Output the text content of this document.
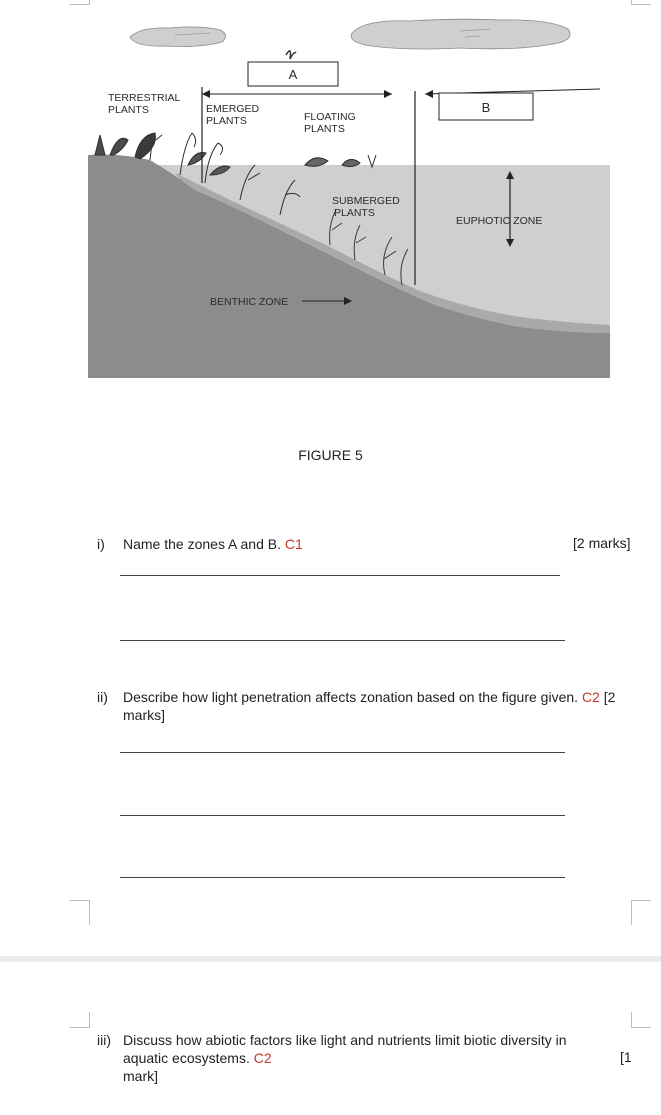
A
B
TERRESTRIAL
PLANTS	EMERGED
PLANTS	FLOATING
PLANTS
SUBMERGED
PLANTS
EUPHOTIC ZONE
BENTHIC ZONE
FIGURE 5
i) Name the zones A and B. C1	[2 marks]
ii) Describe how light penetration affects zonation based on the figure given. C2 [2
marks]
iii) Discuss how abiotic factors like light and nutrients limit biotic diversity in
aquatic ecosystems. C2
mark]
[1
